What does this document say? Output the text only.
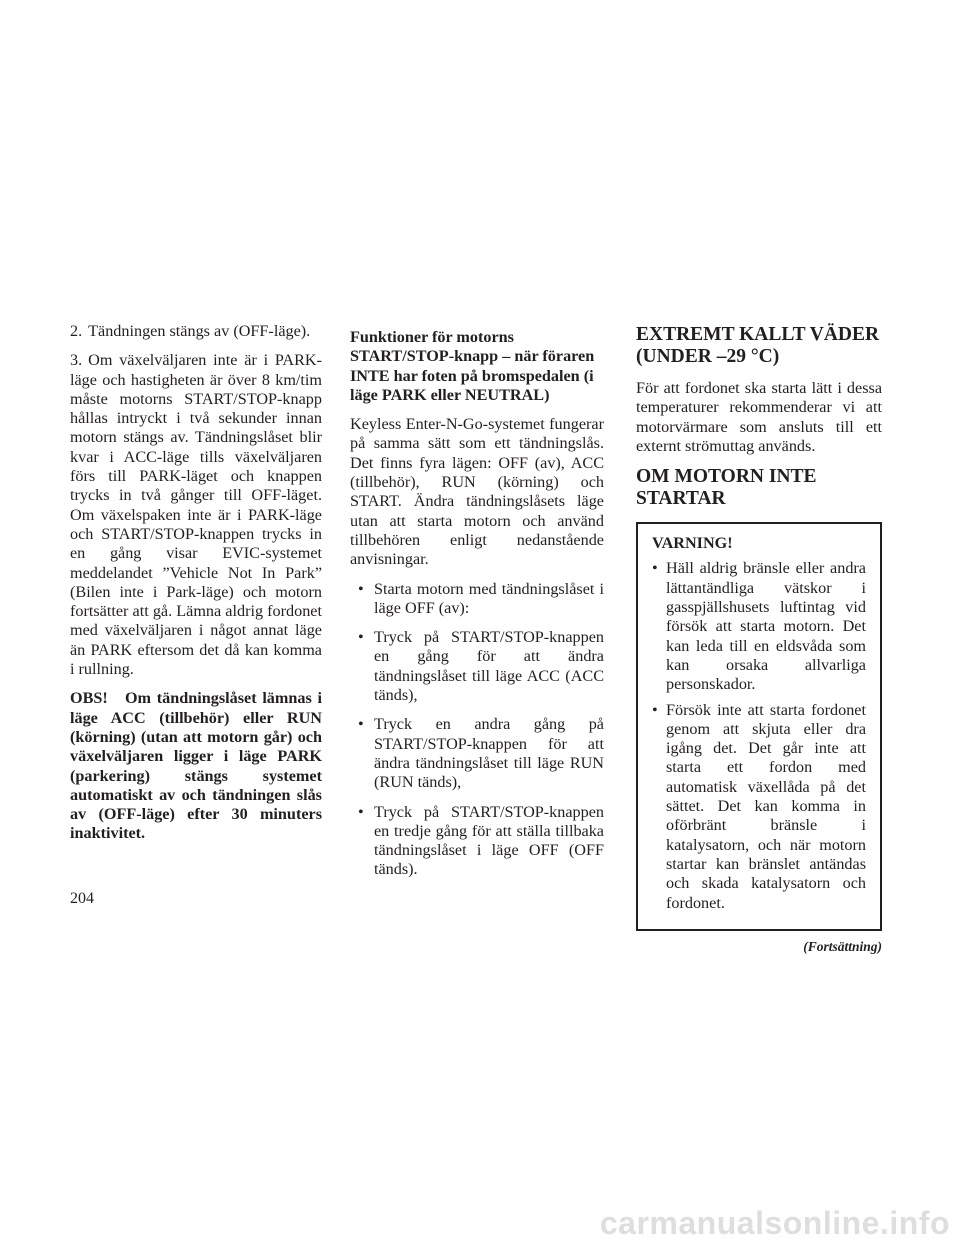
2. Tändningen stängs av (OFF-läge).

3. Om växelväljaren inte är i PARK-läge och hastigheten är över 8 km/tim måste motorns START/STOP-knapp hållas intryckt i två sekunder innan motorn stängs av. Tändningslåset blir kvar i ACC-läge tills växelväljaren förs till PARK-läget och knappen trycks in två gånger till OFF-läget. Om växelspaken inte är i PARK-läge och START/STOP-knappen trycks in en gång visar EVIC-systemet meddelandet ”Vehicle Not In Park” (Bilen inte i Park-läge) och motorn fortsätter att gå. Lämna aldrig fordonet med växelväljaren i något annat läge än PARK eftersom det då kan komma i rullning.

OBS! Om tändningslåset lämnas i läge ACC (tillbehör) eller RUN (körning) (utan att motorn går) och växelväljaren ligger i läge PARK (parkering) stängs systemet automatiskt av och tändningen slås av (OFF-läge) efter 30 minuters inaktivitet.

Funktioner för motorns START/STOP-knapp – när föraren INTE har foten på bromspedalen (i läge PARK eller NEUTRAL)

Keyless Enter-N-Go-systemet fungerar på samma sätt som ett tändningslås. Det finns fyra lägen: OFF (av), ACC (tillbehör), RUN (körning) och START. Ändra tändningslåsets läge utan att starta motorn och använd tillbehören enligt nedanstående anvisningar.

• Starta motorn med tändningslåset i läge OFF (av):
• Tryck på START/STOP-knappen en gång för att ändra tändningslåset till läge ACC (ACC tänds),
• Tryck en andra gång på START/STOP-knappen för att ändra tändningslåset till läge RUN (RUN tänds),
• Tryck på START/STOP-knappen en tredje gång för att ställa tillbaka tändningslåset i läge OFF (OFF tänds).
EXTREMT KALLT VÄDER (UNDER –29 °C)

För att fordonet ska starta lätt i dessa temperaturer rekommenderar vi att motorvärmare som ansluts till ett externt strömuttag används.

OM MOTORN INTE STARTAR
VARNING!
• Häll aldrig bränsle eller andra lättantändliga vätskor i gasspjällshusets luftintag vid försök att starta motorn. Det kan leda till en eldsvåda som kan orsaka allvarliga personskador.
• Försök inte att starta fordonet genom att skjuta eller dra igång det. Det går inte att starta ett fordon med automatisk växellåda på det sättet. Det kan komma in oförbränt bränsle i katalysatorn, och när motorn startar kan bränslet antändas och skada katalysatorn och fordonet.
(Fortsättning)
204
carmanualsonline.info
